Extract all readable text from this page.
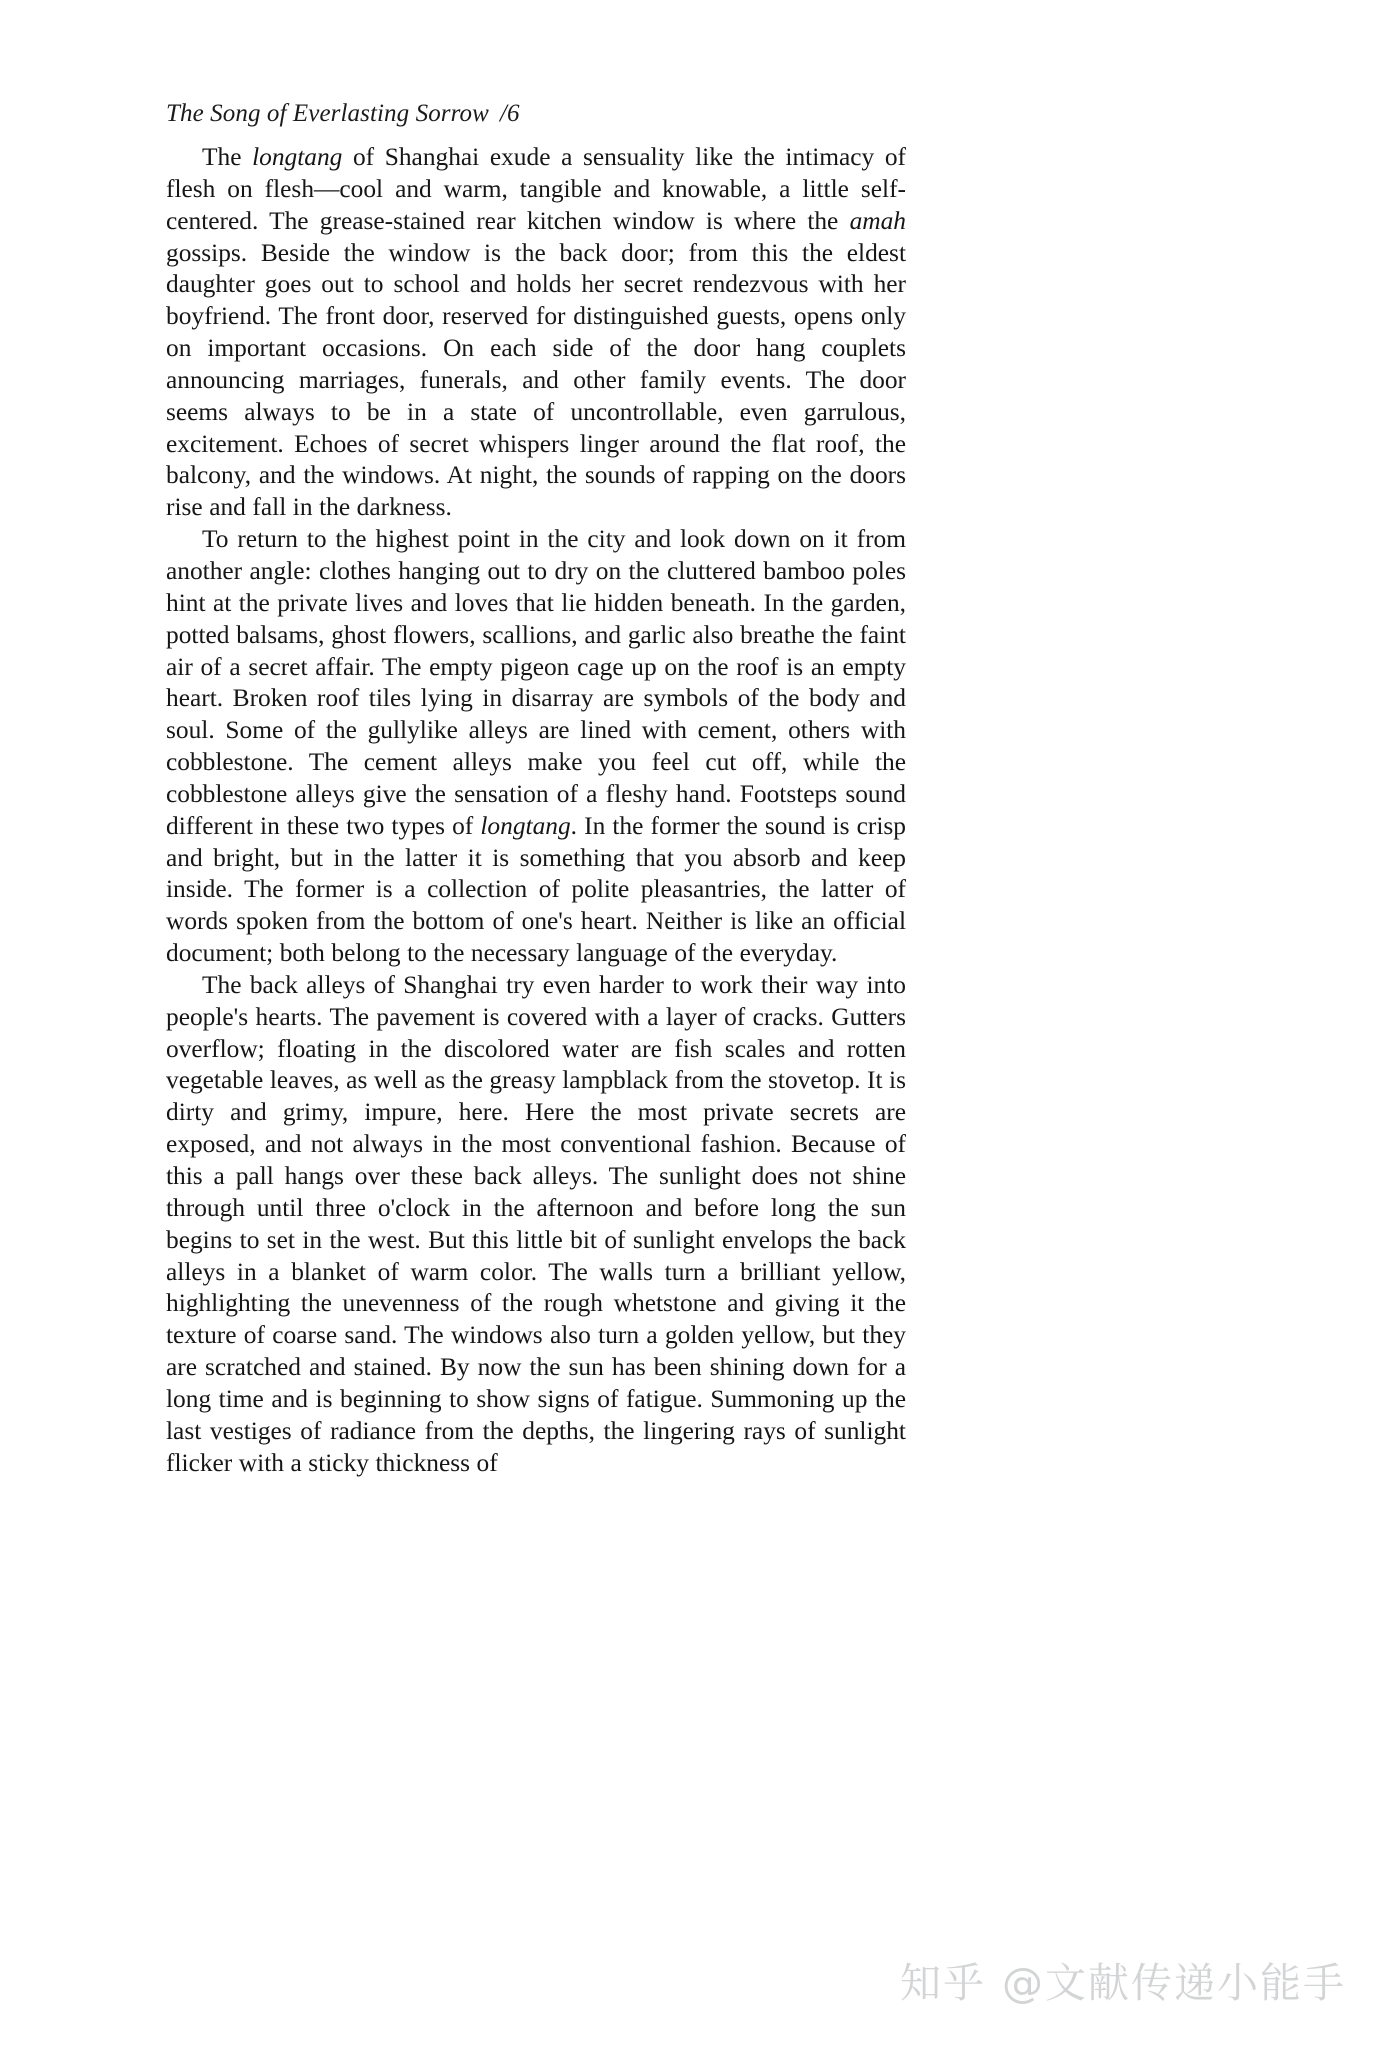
The Song of Everlasting Sorrow /6

The longtang of Shanghai exude a sensuality like the intimacy of flesh on flesh—cool and warm, tangible and knowable, a little self-centered. The grease-stained rear kitchen window is where the amah gossips. Beside the window is the back door; from this the eldest daughter goes out to school and holds her secret rendezvous with her boyfriend. The front door, reserved for distinguished guests, opens only on important occasions. On each side of the door hang couplets announcing marriages, funerals, and other family events. The door seems always to be in a state of uncontrollable, even garrulous, excitement. Echoes of secret whispers linger around the flat roof, the balcony, and the windows. At night, the sounds of rapping on the doors rise and fall in the darkness.

To return to the highest point in the city and look down on it from another angle: clothes hanging out to dry on the cluttered bamboo poles hint at the private lives and loves that lie hidden beneath. In the garden, potted balsams, ghost flowers, scallions, and garlic also breathe the faint air of a secret affair. The empty pigeon cage up on the roof is an empty heart. Broken roof tiles lying in disarray are symbols of the body and soul. Some of the gullylike alleys are lined with cement, others with cobblestone. The cement alleys make you feel cut off, while the cobblestone alleys give the sensation of a fleshy hand. Footsteps sound different in these two types of longtang. In the former the sound is crisp and bright, but in the latter it is something that you absorb and keep inside. The former is a collection of polite pleasantries, the latter of words spoken from the bottom of one's heart. Neither is like an official document; both belong to the necessary language of the everyday.

The back alleys of Shanghai try even harder to work their way into people's hearts. The pavement is covered with a layer of cracks. Gutters overflow; floating in the discolored water are fish scales and rotten vegetable leaves, as well as the greasy lampblack from the stovetop. It is dirty and grimy, impure, here. Here the most private secrets are exposed, and not always in the most conventional fashion. Because of this a pall hangs over these back alleys. The sunlight does not shine through until three o'clock in the afternoon and before long the sun begins to set in the west. But this little bit of sunlight envelops the back alleys in a blanket of warm color. The walls turn a brilliant yellow, highlighting the unevenness of the rough whetstone and giving it the texture of coarse sand. The windows also turn a golden yellow, but they are scratched and stained. By now the sun has been shining down for a long time and is beginning to show signs of fatigue. Summoning up the last vestiges of radiance from the depths, the lingering rays of sunlight flicker with a sticky thickness of

知乎 @文献传递小能手
